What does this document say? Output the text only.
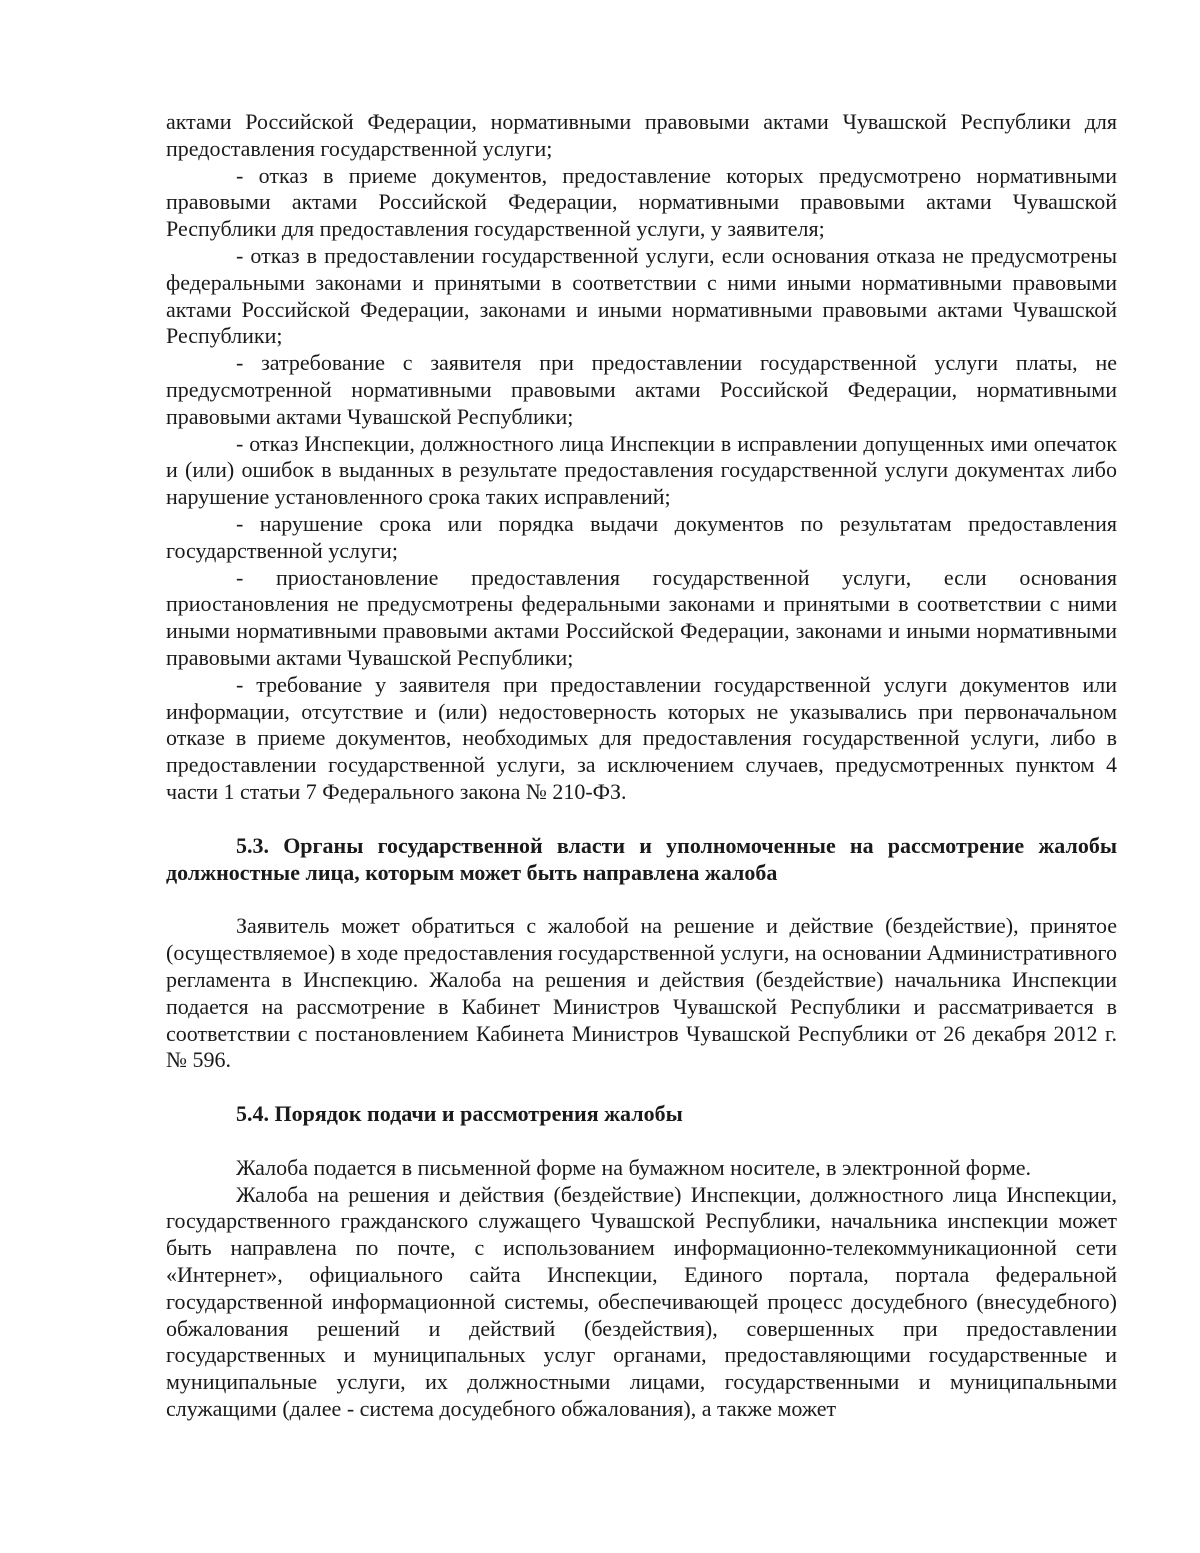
актами Российской Федерации, нормативными правовыми актами Чувашской Республики для предоставления государственной услуги;

- отказ в приеме документов, предоставление которых предусмотрено нормативными правовыми актами Российской Федерации, нормативными правовыми актами Чувашской Республики для предоставления государственной услуги, у заявителя;

- отказ в предоставлении государственной услуги, если основания отказа не предусмотрены федеральными законами и принятыми в соответствии с ними иными нормативными правовыми актами Российской Федерации, законами и иными нормативными правовыми актами Чувашской Республики;

- затребование с заявителя при предоставлении государственной услуги платы, не предусмотренной нормативными правовыми актами Российской Федерации, нормативными правовыми актами Чувашской Республики;

- отказ Инспекции, должностного лица Инспекции в исправлении допущенных ими опечаток и (или) ошибок в выданных в результате предоставления государственной услуги документах либо нарушение установленного срока таких исправлений;

- нарушение срока или порядка выдачи документов по результатам предоставления государственной услуги;

- приостановление предоставления государственной услуги, если основания приостановления не предусмотрены федеральными законами и принятыми в соответствии с ними иными нормативными правовыми актами Российской Федерации, законами и иными нормативными правовыми актами Чувашской Республики;

- требование у заявителя при предоставлении государственной услуги документов или информации, отсутствие и (или) недостоверность которых не указывались при первоначальном отказе в приеме документов, необходимых для предоставления государственной услуги, либо в предоставлении государственной услуги, за исключением случаев, предусмотренных пунктом 4 части 1 статьи 7 Федерального закона № 210-ФЗ.

5.3. Органы государственной власти и уполномоченные на рассмотрение жалобы должностные лица, которым может быть направлена жалоба

Заявитель может обратиться с жалобой на решение и действие (бездействие), принятое (осуществляемое) в ходе предоставления государственной услуги, на основании Административного регламента в Инспекцию. Жалоба на решения и действия (бездействие) начальника Инспекции подается на рассмотрение в Кабинет Министров Чувашской Республики и рассматривается в соответствии с постановлением Кабинета Министров Чувашской Республики от 26 декабря 2012 г. № 596.

5.4. Порядок подачи и рассмотрения жалобы

Жалоба подается в письменной форме на бумажном носителе, в электронной форме.

Жалоба на решения и действия (бездействие) Инспекции, должностного лица Инспекции, государственного гражданского служащего Чувашской Республики, начальника инспекции может быть направлена по почте, с использованием информационно-телекоммуникационной сети «Интернет», официального сайта Инспекции, Единого портала, портала федеральной государственной информационной системы, обеспечивающей процесс досудебного (внесудебного) обжалования решений и действий (бездействия), совершенных при предоставлении государственных и муниципальных услуг органами, предоставляющими государственные и муниципальные услуги, их должностными лицами, государственными и муниципальными служащими (далее - система досудебного обжалования), а также может
